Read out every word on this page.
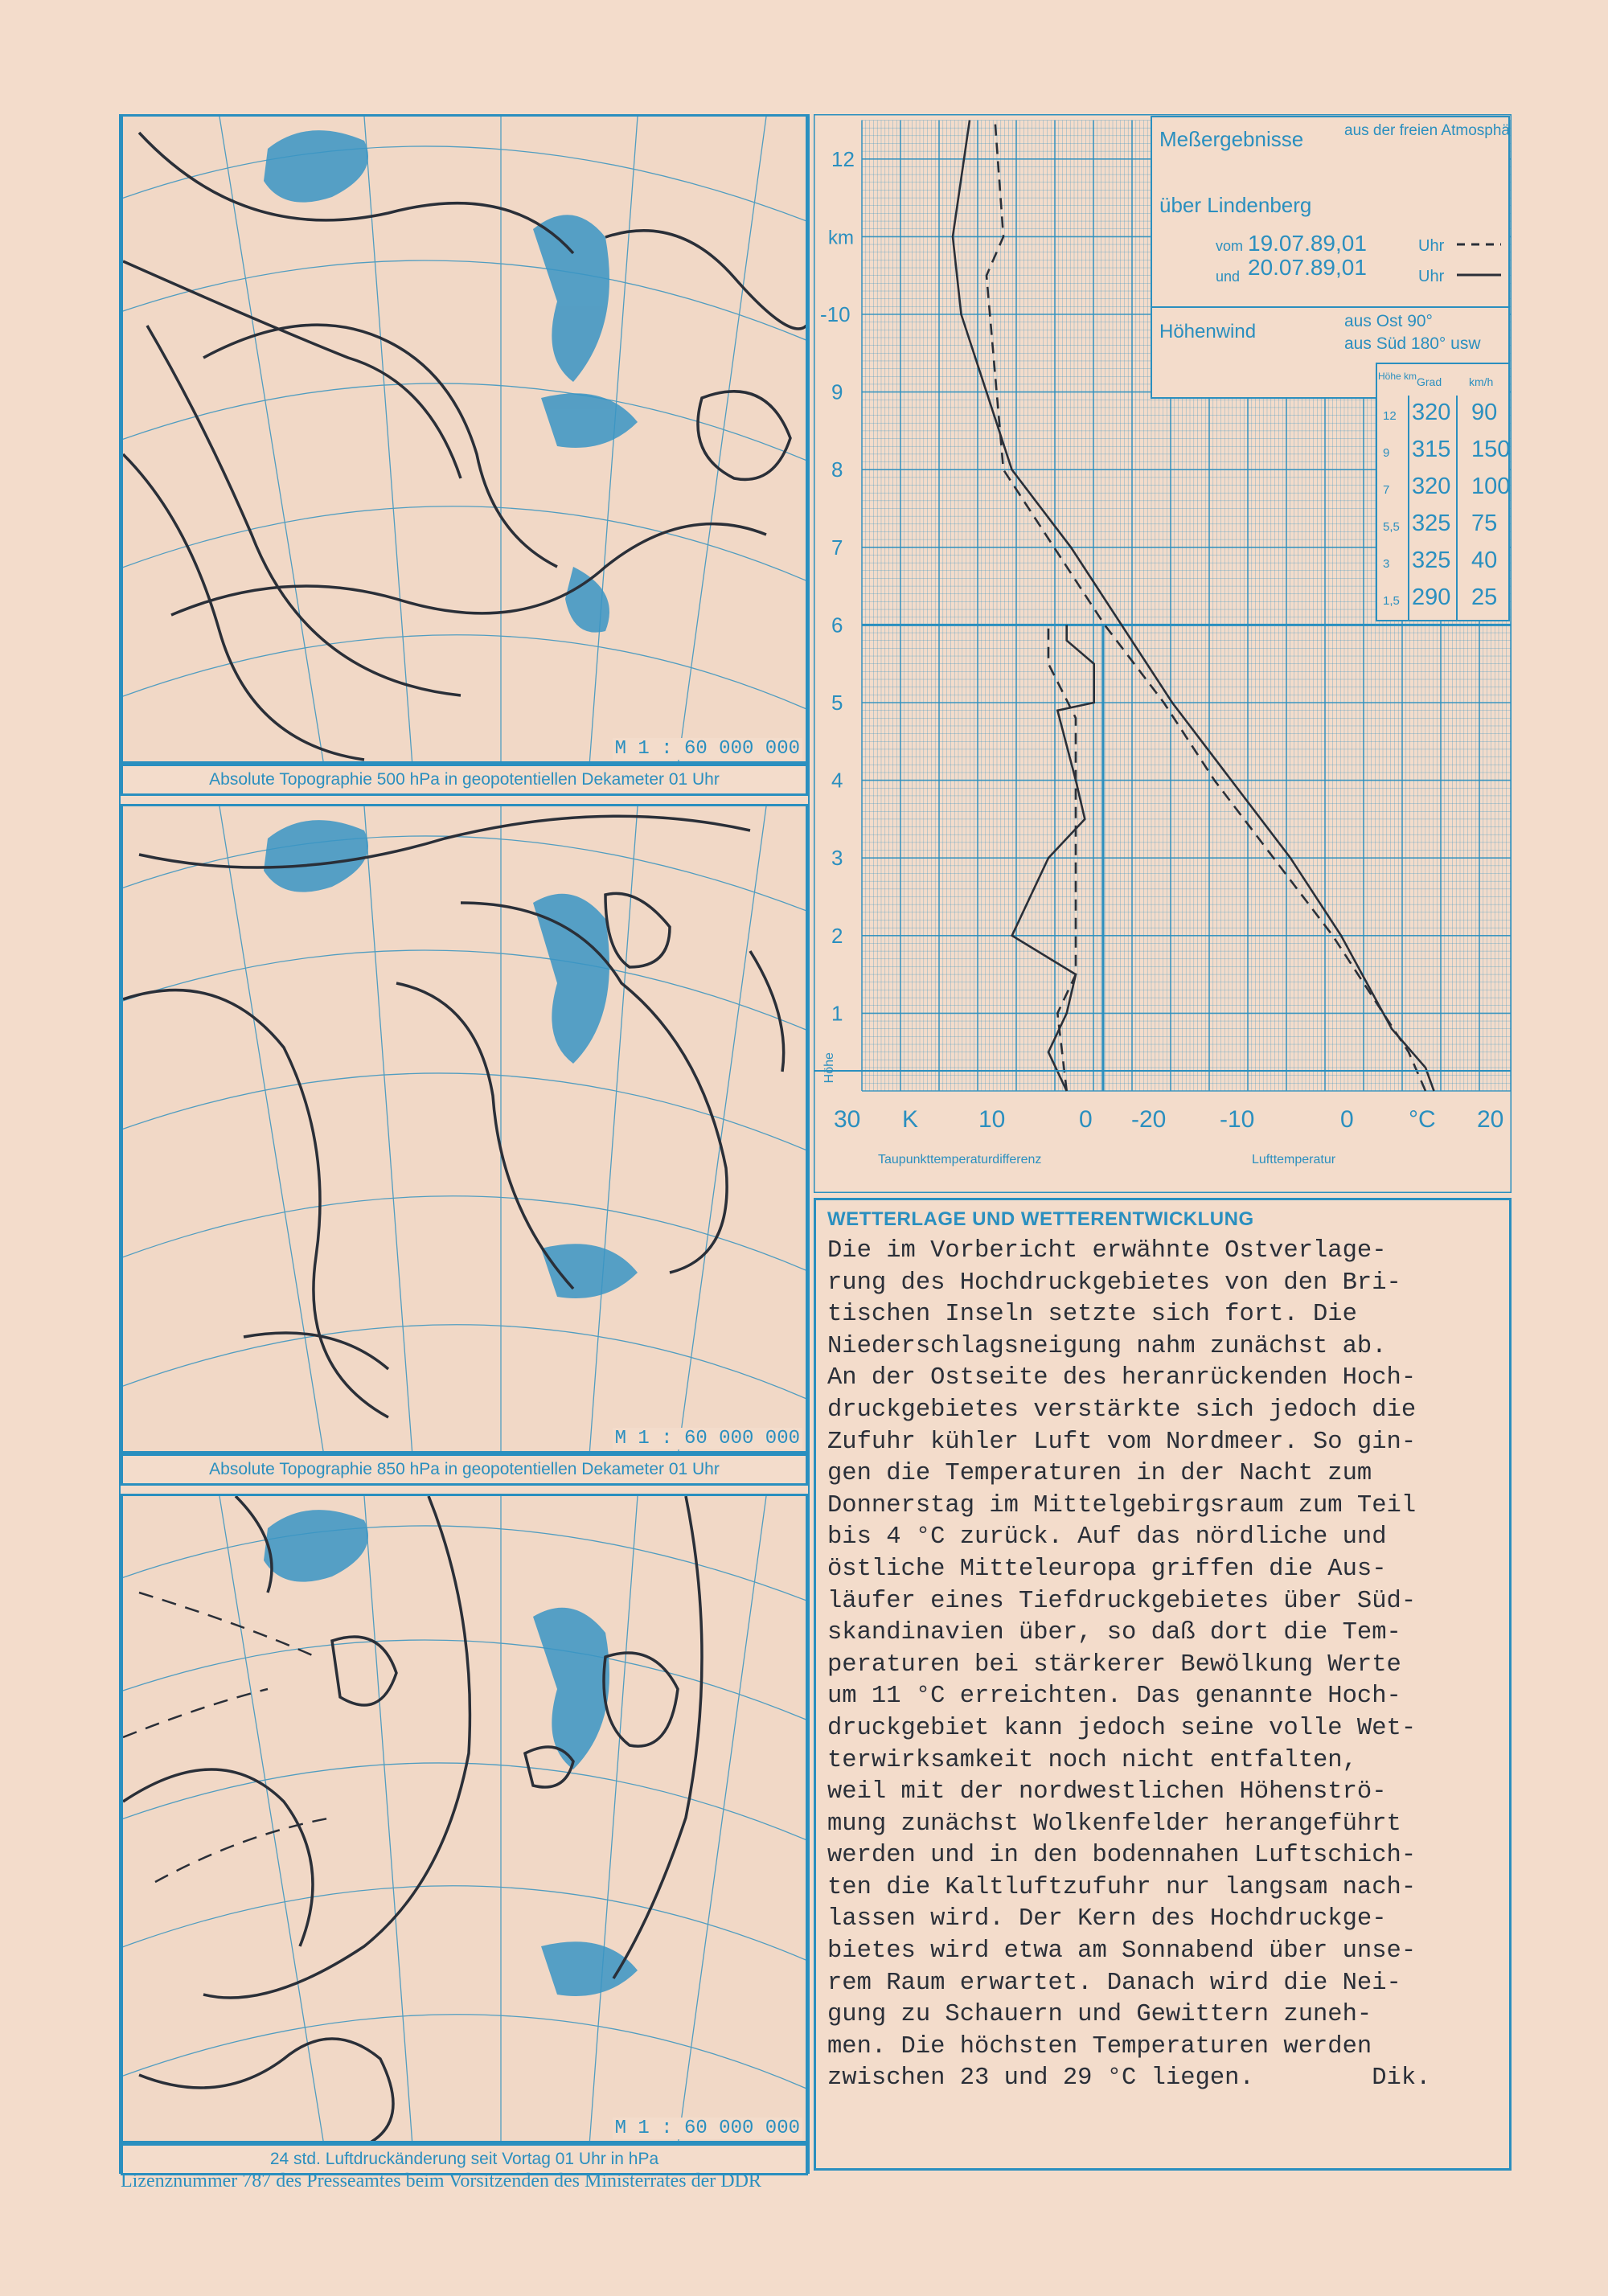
M 1 : 60 000 000
Absolute Topographie 500 hPa in geopotentiellen Dekameter 01 Uhr
M 1 : 60 000 000
Absolute Topographie 850 hPa in geopotentiellen Dekameter 01 Uhr
M 1 : 60 000 000
24 std. Luftdruckänderung seit Vortag 01 Uhr in hPa
Meßergebnisse	aus der freien Atmosphäre
über Lindenberg
vom 19.07.89,01	Uhr
und 20.07.89,01	Uhr
Höhenwind	aus Ost 90°
aus Süd 180° usw
Höhe km Grad km/h
12 320 90
9 315 150
7 320 100
5,5 325 75
3 325 40
1,5 290 25
1
2
3
4
5
6
7
8
9
-10
12
km
Höhe
30 K 10	0 -20 -10	0 °C 20
Taupunkttemperaturdifferenz	Lufttemperatur
WETTERLAGE UND WETTERENTWICKLUNG

Die im Vorbericht erwähnte Ostverlage-

rung des Hochdruckgebietes von den Bri-

tischen Inseln setzte sich fort. Die

Niederschlagsneigung nahm zunächst ab.

An der Ostseite des heranrückenden Hoch-

druckgebietes verstärkte sich jedoch die

Zufuhr kühler Luft vom Nordmeer. So gin-

gen die Temperaturen in der Nacht zum

Donnerstag im Mittelgebirgsraum zum Teil

bis 4 °C zurück. Auf das nördliche und

östliche Mitteleuropa griffen die Aus-

läufer eines Tiefdruckgebietes über Süd-

skandinavien über, so daß dort die Tem-

peraturen bei stärkerer Bewölkung Werte

um 11 °C erreichten. Das genannte Hoch-

druckgebiet kann jedoch seine volle Wet-

terwirksamkeit noch nicht entfalten,

weil mit der nordwestlichen Höhenströ-

mung zunächst Wolkenfelder herangeführt

werden und in den bodennahen Luftschich-

ten die Kaltluftzufuhr nur langsam nach-

lassen wird. Der Kern des Hochdruckge-

bietes wird etwa am Sonnabend über unse-

rem Raum erwartet. Danach wird die Nei-

gung zu Schauern und Gewittern zuneh-

men. Die höchsten Temperaturen werden

zwischen 23 und 29 °C liegen.        Dik.

Lizenznummer 787 des Presseamtes beim Vorsitzenden des Ministerrates der DDR
